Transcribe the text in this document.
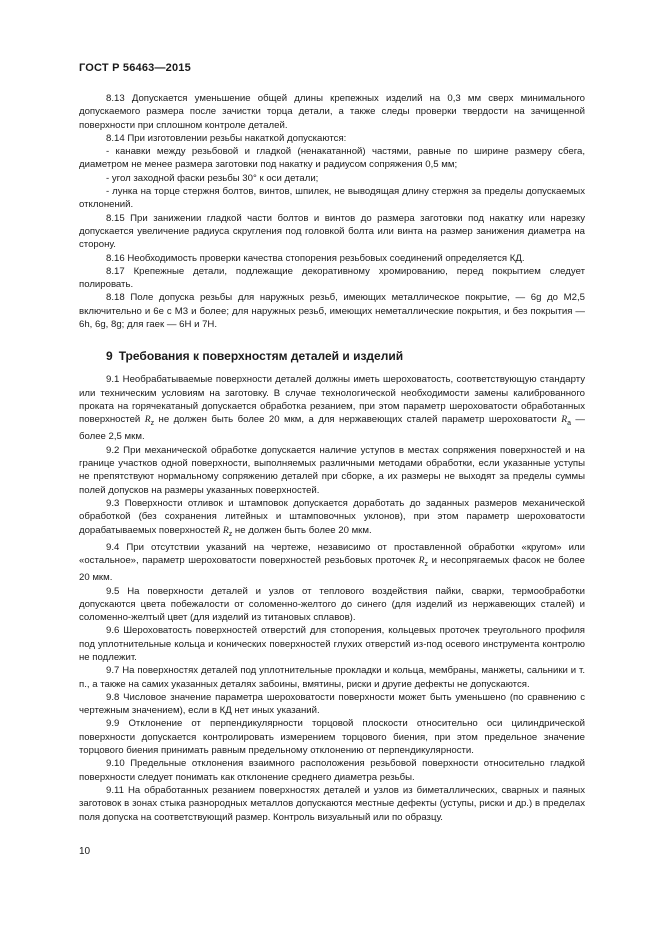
ГОСТ Р 56463—2015

8.13 Допускается уменьшение общей длины крепежных изделий на 0,3 мм сверх минимального допускаемого размера после зачистки торца детали, а также следы проверки твердости на зачищенной поверхности при сплошном контроле деталей.

8.14 При изготовлении резьбы накаткой допускаются:

- канавки между резьбовой и гладкой (ненакатанной) частями, равные по ширине размеру сбега, диаметром не менее размера заготовки под накатку и радиусом сопряжения 0,5 мм;

- угол заходной фаски резьбы 30° к оси детали;

- лунка на торце стержня болтов, винтов, шпилек, не выводящая длину стержня за пределы допускаемых отклонений.

8.15 При занижении гладкой части болтов и винтов до размера заготовки под накатку или нарезку допускается увеличение радиуса скругления под головкой болта или винта на размер занижения диаметра на сторону.

8.16 Необходимость проверки качества стопорения резьбовых соединений определяется КД.

8.17 Крепежные детали, подлежащие декоративному хромированию, перед покрытием следует полировать.

8.18 Поле допуска резьбы для наружных резьб, имеющих металлическое покрытие, — 6g до М2,5 включительно и 6е с М3 и более; для наружных резьб, имеющих неметаллические покрытия, и без покрытия — 6h, 6g, 8g; для гаек — 6Н и 7Н.

9 Требования к поверхностям деталей и изделий

9.1 Необрабатываемые поверхности деталей должны иметь шероховатость, соответствующую стандарту или техническим условиям на заготовку. В случае технологической необходимости замены калиброванного проката на горячекатаный допускается обработка резанием, при этом параметр шероховатости обработанных поверхностей $R_z$ не должен быть более 20 мкм, а для нержавеющих сталей параметр шероховатости $R_a$ — более 2,5 мкм.

9.2 При механической обработке допускается наличие уступов в местах сопряжения поверхностей и на границе участков одной поверхности, выполняемых различными методами обработки, если указанные уступы не препятствуют нормальному сопряжению деталей при сборке, а их размеры не выходят за пределы суммы полей допусков на размеры указанных поверхностей.

9.3 Поверхности отливок и штамповок допускается доработать до заданных размеров механической обработкой (без сохранения литейных и штамповочных уклонов), при этом параметр шероховатости дорабатываемых поверхностей $R_z$ не должен быть более 20 мкм.

9.4 При отсутствии указаний на чертеже, независимо от проставленной обработки «кругом» или «остальное», параметр шероховатости поверхностей резьбовых проточек $R_z$ и несопрягаемых фасок не более 20 мкм.

9.5 На поверхности деталей и узлов от теплового воздействия пайки, сварки, термообработки допускаются цвета побежалости от соломенно-желтого до синего (для изделий из нержавеющих сталей) и соломенно-желтый цвет (для изделий из титановых сплавов).

9.6 Шероховатость поверхностей отверстий для стопорения, кольцевых проточек треугольного профиля под уплотнительные кольца и конических поверхностей глухих отверстий из-под осевого инструмента контролю не подлежит.

9.7 На поверхностях деталей под уплотнительные прокладки и кольца, мембраны, манжеты, сальники и т. п., а также на самих указанных деталях забоины, вмятины, риски и другие дефекты не допускаются.

9.8 Числовое значение параметра шероховатости поверхности может быть уменьшено (по сравнению с чертежным значением), если в КД нет иных указаний.

9.9 Отклонение от перпендикулярности торцовой плоскости относительно оси цилиндрической поверхности допускается контролировать измерением торцового биения, при этом предельное значение торцового биения принимать равным предельному отклонению от перпендикулярности.

9.10 Предельные отклонения взаимного расположения резьбовой поверхности относительно гладкой поверхности следует понимать как отклонение среднего диаметра резьбы.

9.11 На обработанных резанием поверхностях деталей и узлов из биметаллических, сварных и паяных заготовок в зонах стыка разнородных металлов допускаются местные дефекты (уступы, риски и др.) в пределах поля допуска на соответствующий размер. Контроль визуальный или по образцу.

10
